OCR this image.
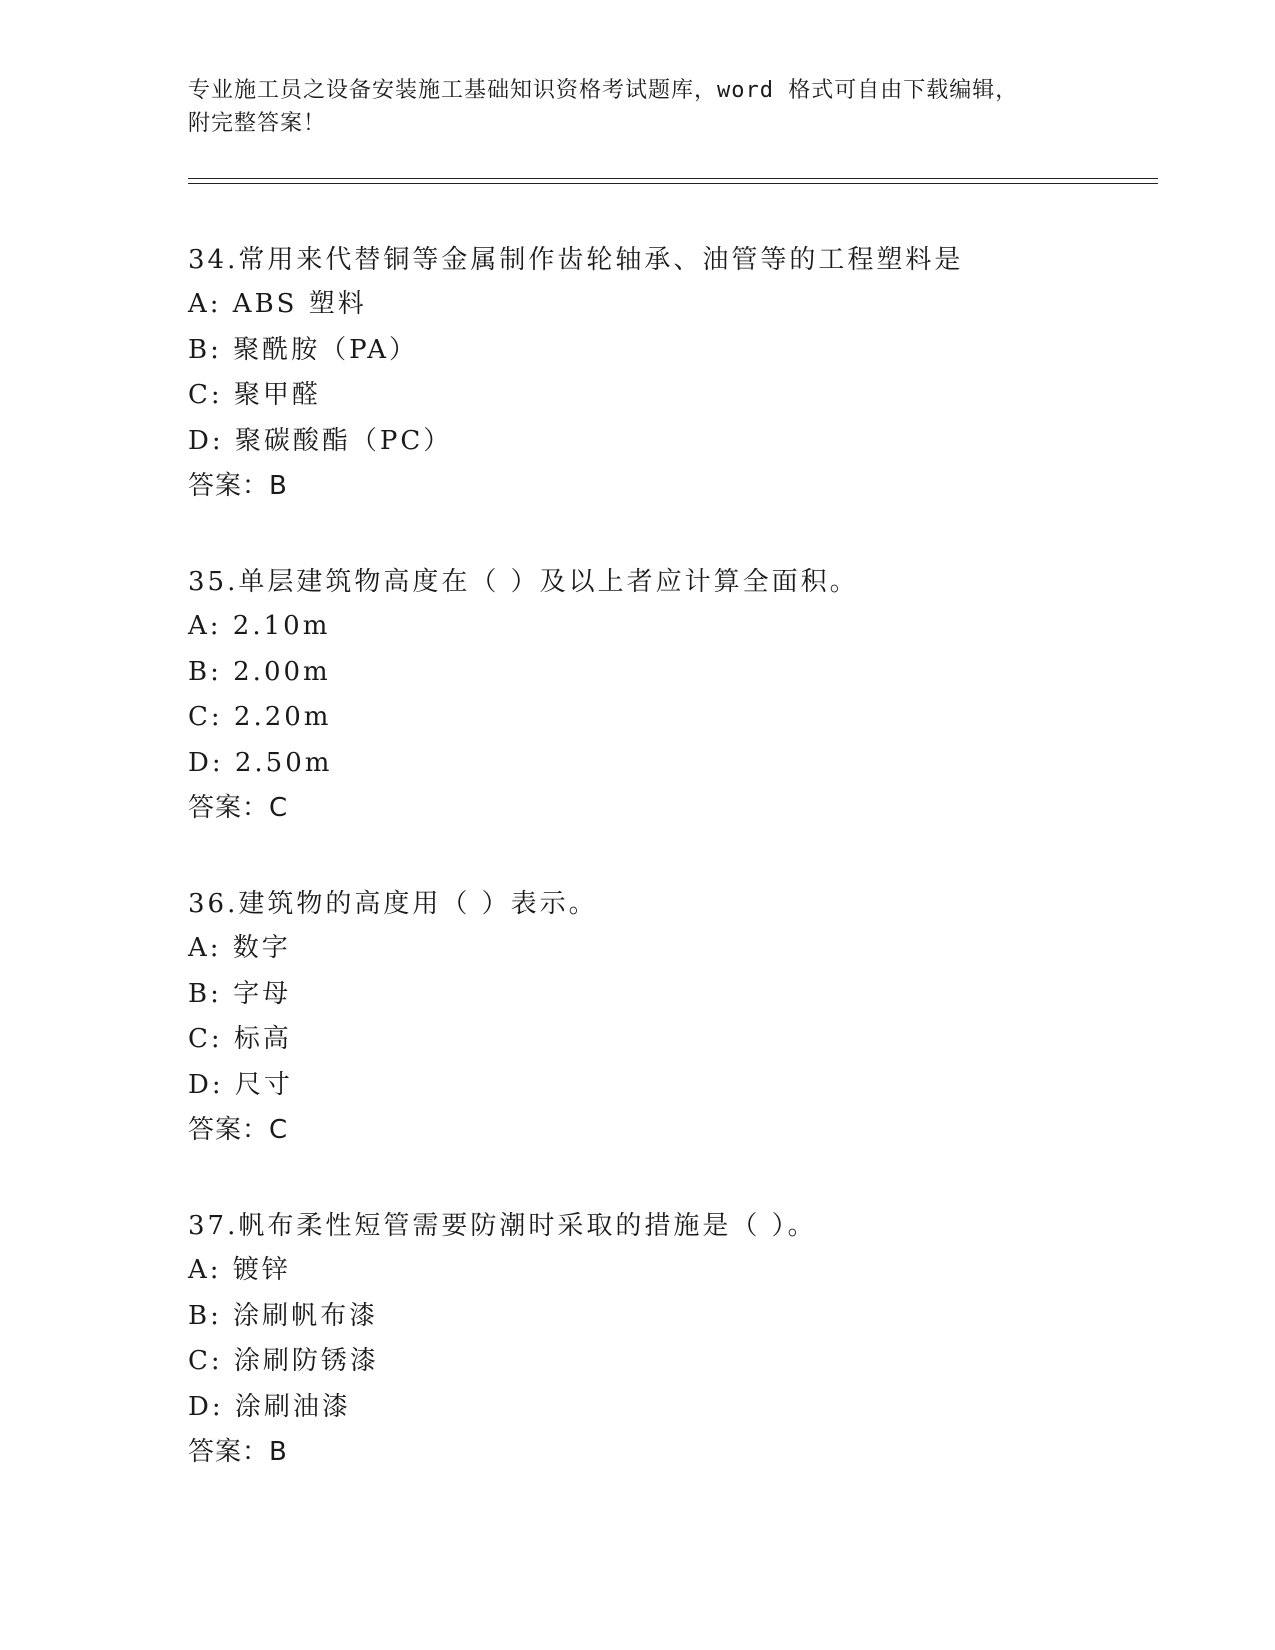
专业施工员之设备安装施工基础知识资格考试题库，word 格式可自由下载编辑，
附完整答案！
34.常用来代替铜等金属制作齿轮轴承、油管等的工程塑料是
A: ABS 塑料
B: 聚酰胺（PA）
C: 聚甲醛
D: 聚碳酸酯（PC）
答案：B
35.单层建筑物高度在（ ）及以上者应计算全面积。
A: 2.10m
B: 2.00m
C: 2.20m
D: 2.50m
答案：C
36.建筑物的高度用（ ）表示。
A: 数字
B: 字母
C: 标高
D: 尺寸
答案：C
37.帆布柔性短管需要防潮时采取的措施是（ ）。
A: 镀锌
B: 涂刷帆布漆
C: 涂刷防锈漆
D: 涂刷油漆
答案：B
